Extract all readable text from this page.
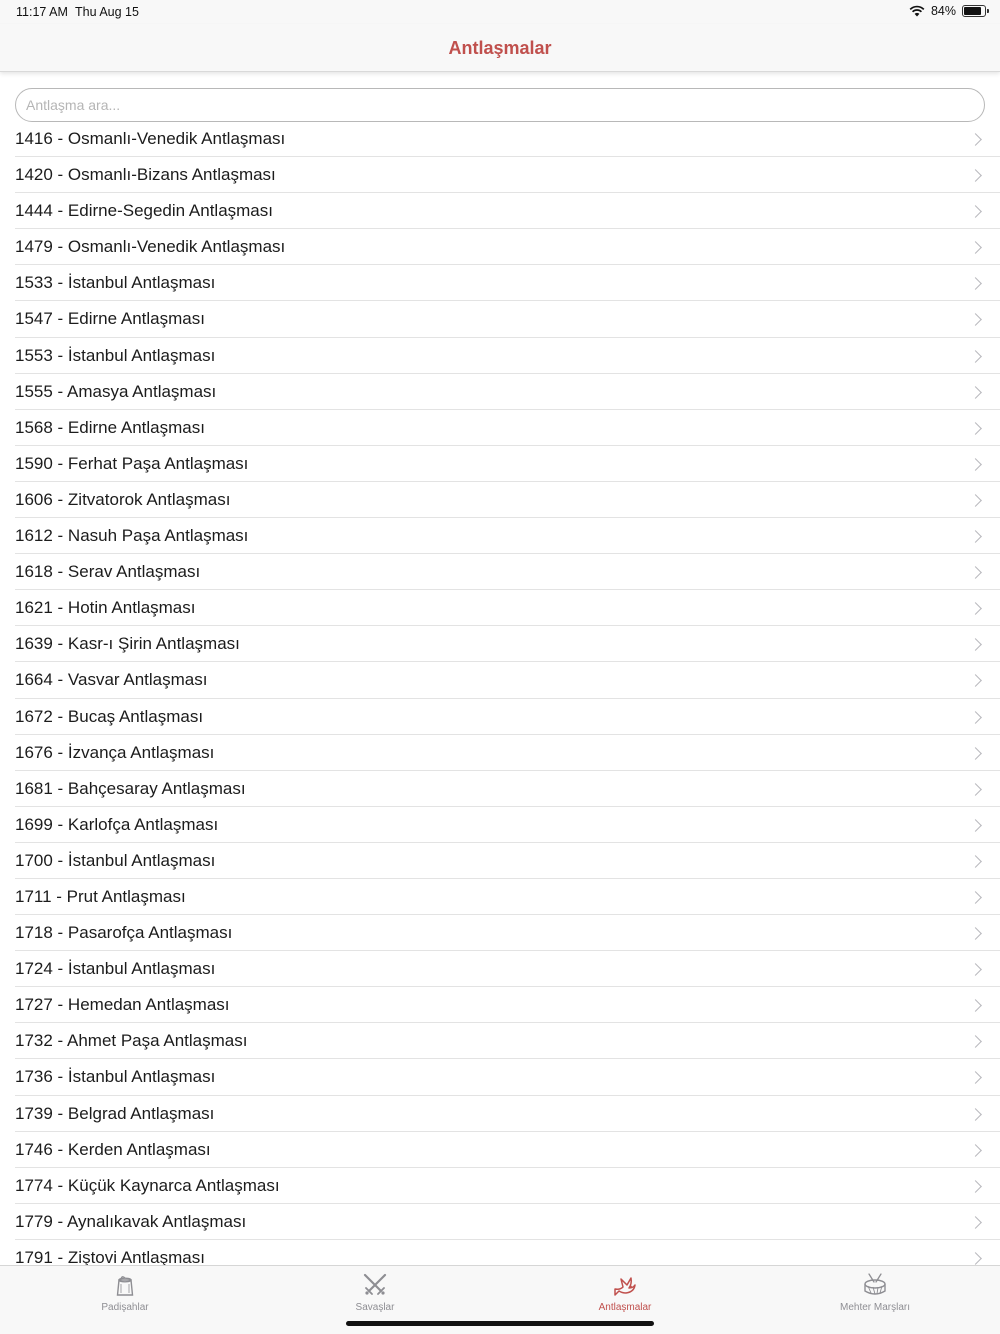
11:17 AM Thu Aug 15	84%
Antlaşmalar
Antlaşma ara...
1416 - Osmanlı-Venedik Antlaşması
1420 - Osmanlı-Bizans Antlaşması
1444 - Edirne-Segedin Antlaşması
1479 - Osmanlı-Venedik Antlaşması
1533 - İstanbul Antlaşması
1547 - Edirne Antlaşması
1553 - İstanbul Antlaşması
1555 - Amasya Antlaşması
1568 - Edirne Antlaşması
1590 - Ferhat Paşa Antlaşması
1606 - Zitvatorok Antlaşması
1612 - Nasuh Paşa Antlaşması
1618 - Serav Antlaşması
1621 - Hotin Antlaşması
1639 - Kasr-ı Şirin Antlaşması
1664 - Vasvar Antlaşması
1672 - Bucaş Antlaşması
1676 - İzvança Antlaşması
1681 - Bahçesaray Antlaşması
1699 - Karlofça Antlaşması
1700 - İstanbul Antlaşması
1711 - Prut Antlaşması
1718 - Pasarofça Antlaşması
1724 - İstanbul Antlaşması
1727 - Hemedan Antlaşması
1732 - Ahmet Paşa Antlaşması
1736 - İstanbul Antlaşması
1739 - Belgrad Antlaşması
1746 - Kerden Antlaşması
1774 - Küçük Kaynarca Antlaşması
1779 - Aynalıkavak Antlaşması
1791 - Ziştovi Antlaşması
Padişahlar	Savaşlar	Antlaşmalar	Mehter Marşları
